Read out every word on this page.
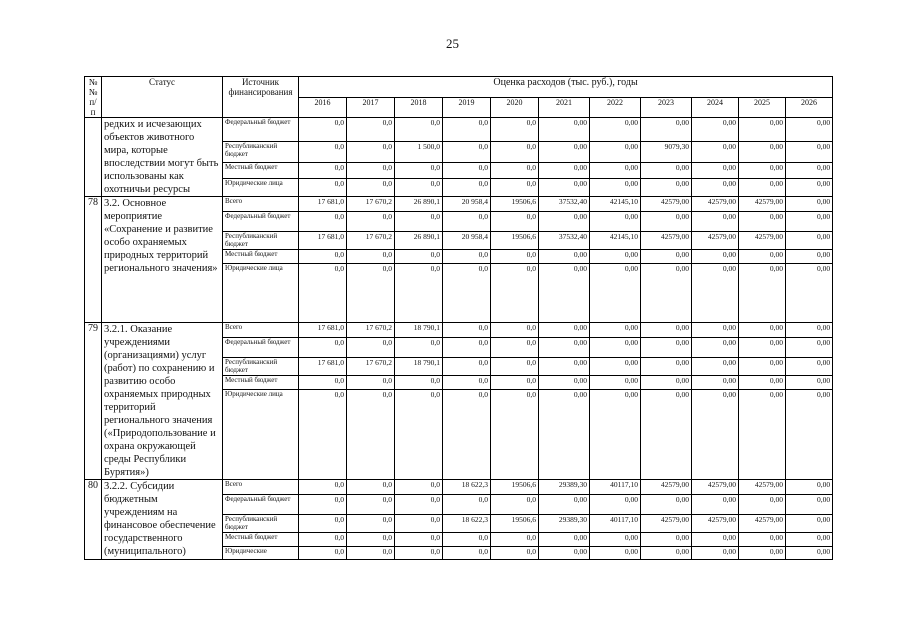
25
№ № п/п	Статус	Источник финансирования	Оценка расходов (тыс. руб.), годы										
			2016	2017	2018	2019	2020	2021	2022	2023	2024	2025	2026
	редких и исчезающих объектов животного мира, которые впоследствии могут быть использованы как охотничьи ресурсы	Федеральный бюджет	0,0	0,0	0,0	0,0	0,0	0,00	0,00	0,00	0,00	0,00	0,00
		Республиканский бюджет	0,0	0,0	1 500,0	0,0	0,0	0,00	0,00	9079,30	0,00	0,00	0,00
		Местный бюджет	0,0	0,0	0,0	0,0	0,0	0,00	0,00	0,00	0,00	0,00	0,00
		Юридические лица	0,0	0,0	0,0	0,0	0,0	0,00	0,00	0,00	0,00	0,00	0,00
78	3.2. Основное мероприятие «Сохранение и развитие особо охраняемых природных территорий регионального значения»	Всего	17 681,0	17 670,2	26 890,1	20 958,4	19506,6	37532,40	42145,10	42579,00	42579,00	42579,00	0,00
		Федеральный бюджет	0,0	0,0	0,0	0,0	0,0	0,00	0,00	0,00	0,00	0,00	0,00
		Республиканский бюджет	17 681,0	17 670,2	26 890,1	20 958,4	19506,6	37532,40	42145,10	42579,00	42579,00	42579,00	0,00
		Местный бюджет	0,0	0,0	0,0	0,0	0,0	0,00	0,00	0,00	0,00	0,00	0,00
		Юридические лица	0,0	0,0	0,0	0,0	0,0	0,00	0,00	0,00	0,00	0,00	0,00
79	3.2.1. Оказание учреждениями (организациями) услуг (работ) по сохранению и развитию особо охраняемых природных территорий регионального значения («Природопользование и охрана окружающей среды Республики Бурятия»)	Всего	17 681,0	17 670,2	18 790,1	0,0	0,0	0,00	0,00	0,00	0,00	0,00	0,00
		Федеральный бюджет	0,0	0,0	0,0	0,0	0,0	0,00	0,00	0,00	0,00	0,00	0,00
		Республиканский бюджет	17 681,0	17 670,2	18 790,1	0,0	0,0	0,00	0,00	0,00	0,00	0,00	0,00
		Местный бюджет	0,0	0,0	0,0	0,0	0,0	0,00	0,00	0,00	0,00	0,00	0,00
		Юридические лица	0,0	0,0	0,0	0,0	0,0	0,00	0,00	0,00	0,00	0,00	0,00
80	3.2.2. Субсидии бюджетным учреждениям на финансовое обеспечение государственного (муниципального)	Всего	0,0	0,0	0,0	18 622,3	19506,6	29389,30	40117,10	42579,00	42579,00	42579,00	0,00
		Федеральный бюджет	0,0	0,0	0,0	0,0	0,0	0,00	0,00	0,00	0,00	0,00	0,00
		Республиканский бюджет	0,0	0,0	0,0	18 622,3	19506,6	29389,30	40117,10	42579,00	42579,00	42579,00	0,00
		Местный бюджет	0,0	0,0	0,0	0,0	0,0	0,00	0,00	0,00	0,00	0,00	0,00
		Юридические	0,0	0,0	0,0	0,0	0,0	0,00	0,00	0,00	0,00	0,00	0,00
